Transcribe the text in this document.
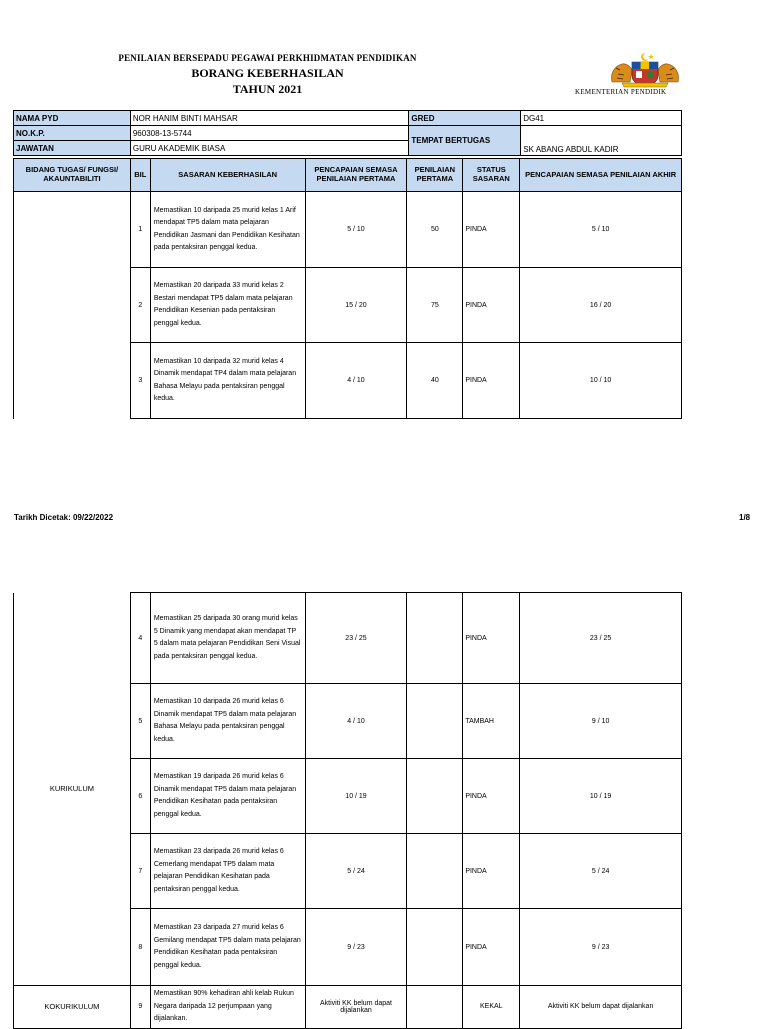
PENILAIAN BERSEPADU PEGAWAI PERKHIDMATAN PENDIDIKAN
BORANG KEBERHASILAN
TAHUN 2021	KEMENTERIAN PENDIDIK
NAMA PYD	NOR HANIM BINTI MAHSAR	GRED	DG41
NO.K.P.	960308-13-5744	TEMPAT BERTUGAS	SK ABANG ABDUL KADIR
JAWATAN	GURU AKADEMIK BIASA		
BIDANG TUGAS/ FUNGSI/ AKAUNTABILITI	BIL	SASARAN KEBERHASILAN	PENCAPAIAN SEMASA PENILAIAN PERTAMA	PENILAIAN PERTAMA	STATUS SASARAN	PENCAPAIAN SEMASA PENILAIAN AKHIR
	1	Memastikan 10 daripada 25 murid kelas 1 Arif mendapat TP5 dalam mata pelajaran Pendidikan Jasmani dan Pendidikan Kesihatan pada pentaksiran penggal kedua.	5 / 10	50	PINDA	5 / 10
	2	Memastikan 20 daripada 33 murid kelas 2 Bestari mendapat TP5 dalam mata pelajaran Pendidikan Kesenian pada pentaksiran penggal kedua.	15 / 20	75	PINDA	16 / 20
	3	Memastikan 10 daripada 32 murid kelas 4 Dinamik mendapat TP4 dalam mata pelajaran Bahasa Melayu pada pentaksiran penggal kedua.	4 / 10	40	PINDA	10 / 10
Tarikh Dicetak: 09/22/2022	1/8
KURIKULUM	4	Memastikan 25 daripada 30 orang murid kelas 5 Dinamik yang mendapat akan mendapat TP 5 dalam mata pelajaran Pendidikan Seni Visual pada pentaksiran penggal kedua.	23 / 25		PINDA	23 / 25
	5	Memastikan 10 daripada 26 murid kelas 6 Dinamik mendapat TP5 dalam mata pelajaran Bahasa Melayu pada pentaksiran penggal kedua.	4 / 10		TAMBAH	9 / 10
	6	Memastikan 19 daripada 26 murid kelas 6 Dinamik mendapat TP5 dalam mata pelajaran Pendidikan Kesihatan pada pentaksiran penggal kedua.	10 / 19		PINDA	10 / 19
	7	Memastikan 23 daripada 26 murid kelas 6 Cemerlang mendapat TP5 dalam mata pelajaran Pendidikan Kesihatan pada pentaksiran penggal kedua.	5 / 24		PINDA	5 / 24
	8	Memastikan 23 daripada 27 murid kelas 6 Gemilang mendapat TP5 dalam mata pelajaran Pendidikan Kesihatan pada pentaksiran penggal kedua.	9 / 23		PINDA	9 / 23
KOKURIKULUM	9	Memastikan 90% kehadiran ahli kelab Rukun Negara daripada 12 perjumpaan yang dijalankan.	Aktiviti KK belum dapat dijalankan		KEKAL	Aktiviti KK belum dapat dijalankan
